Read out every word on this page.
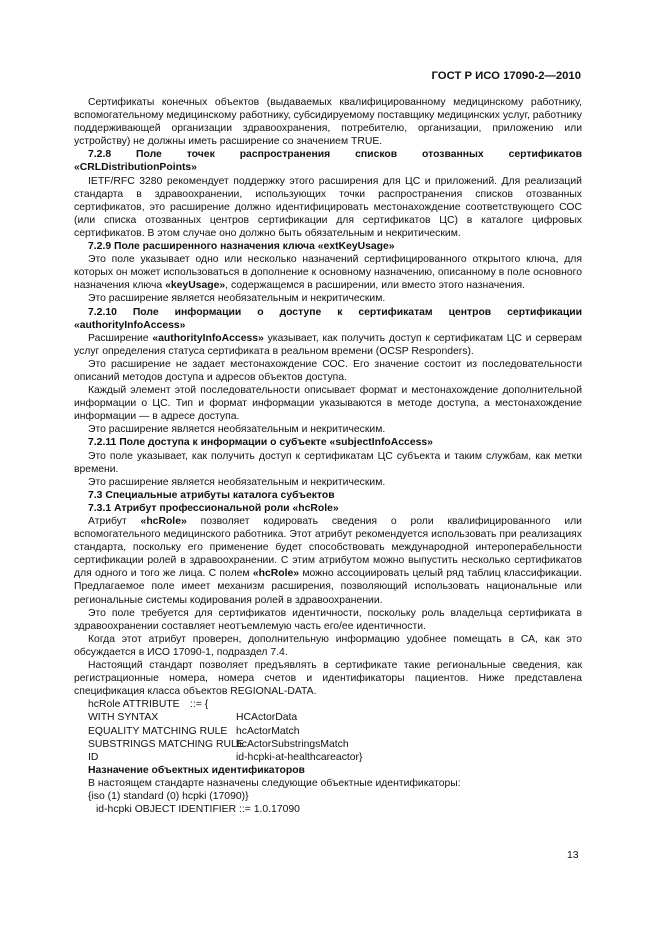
ГОСТ Р ИСО 17090-2—2010

Сертификаты конечных объектов (выдаваемых квалифицированному медицинскому работнику, вспомогательному медицинскому работнику, субсидируемому поставщику медицинских услуг, работнику поддерживающей организации здравоохранения, потребителю, организации, приложению или устройству) не должны иметь расширение со значением TRUE.

7.2.8 Поле точек распространения списков отозванных сертификатов

«CRLDistributionPoints»

IETF/RFC 3280 рекомендует поддержку этого расширения для ЦС и приложений. Для реализаций стандарта в здравоохранении, использующих точки распространения списков отозванных сертификатов, это расширение должно идентифицировать местонахождение соответствующего СОС (или списка отозванных центров сертификации для сертификатов ЦС) в каталоге цифровых сертификатов. В этом случае оно должно быть обязательным и некритическим.

7.2.9 Поле расширенного назначения ключа «extKeyUsage»

Это поле указывает одно или несколько назначений сертифицированного открытого ключа, для которых он может использоваться в дополнение к основному назначению, описанному в поле основного назначения ключа «keyUsage», содержащемся в расширении, или вместо этого назначения.

Это расширение является необязательным и некритическим.

7.2.10 Поле информации о доступе к сертификатам центров сертификации

«authorityInfoAccess»

Расширение «authorityInfoAccess» указывает, как получить доступ к сертификатам ЦС и серверам услуг определения статуса сертификата в реальном времени (OCSP Responders).

Это расширение не задает местонахождение СОС. Его значение состоит из последовательности описаний методов доступа и адресов объектов доступа.

Каждый элемент этой последовательности описывает формат и местонахождение дополнительной информации о ЦС. Тип и формат информации указываются в методе доступа, а местонахождение информации — в адресе доступа.

Это расширение является необязательным и некритическим.

7.2.11 Поле доступа к информации о субъекте «subjectInfoAccess»

Это поле указывает, как получить доступ к сертификатам ЦС субъекта и таким службам, как метки времени.

Это расширение является необязательным и некритическим.

7.3 Специальные атрибуты каталога субъектов

7.3.1 Атрибут профессиональной роли «hcRole»

Атрибут «hcRole» позволяет кодировать сведения о роли квалифицированного или вспомогательного медицинского работника. Этот атрибут рекомендуется использовать при реализациях стандарта, поскольку его применение будет способствовать международной интероперабельности сертификации ролей в здравоохранении. С этим атрибутом можно выпустить несколько сертификатов для одного и того же лица. С полем «hcRole» можно ассоциировать целый ряд таблиц классификации. Предлагаемое поле имеет механизм расширения, позволяющий использовать национальные или региональные системы кодирования ролей в здравоохранении.

Это поле требуется для сертификатов идентичности, поскольку роль владельца сертификата в здравоохранении составляет неотъемлемую часть его/ее идентичности.

Когда этот атрибут проверен, дополнительную информацию удобнее помещать в СА, как это обсуждается в ИСО 17090-1, подраздел 7.4.

Настоящий стандарт позволяет предъявлять в сертификате такие региональные сведения, как регистрационные номера, номера счетов и идентификаторы пациентов. Ниже представлена спецификация класса объектов REGIONAL-DATA.

hcRole ATTRIBUTE

::= {

WITH SYNTAX

	HCActorData

EQUALITY MATCHING RULE

hcActorMatch

SUBSTRINGS MATCHING RULE

hcActorSubstringsMatch

ID

	id-hcpki-at-healthcareactor}

Назначение объектных идентификаторов

В настоящем стандарте назначены следующие объектные идентификаторы:

{iso (1) standard (0) hcpki (17090)}

id-hcpki OBJECT IDENTIFIER

::= 1.0.17090

13
